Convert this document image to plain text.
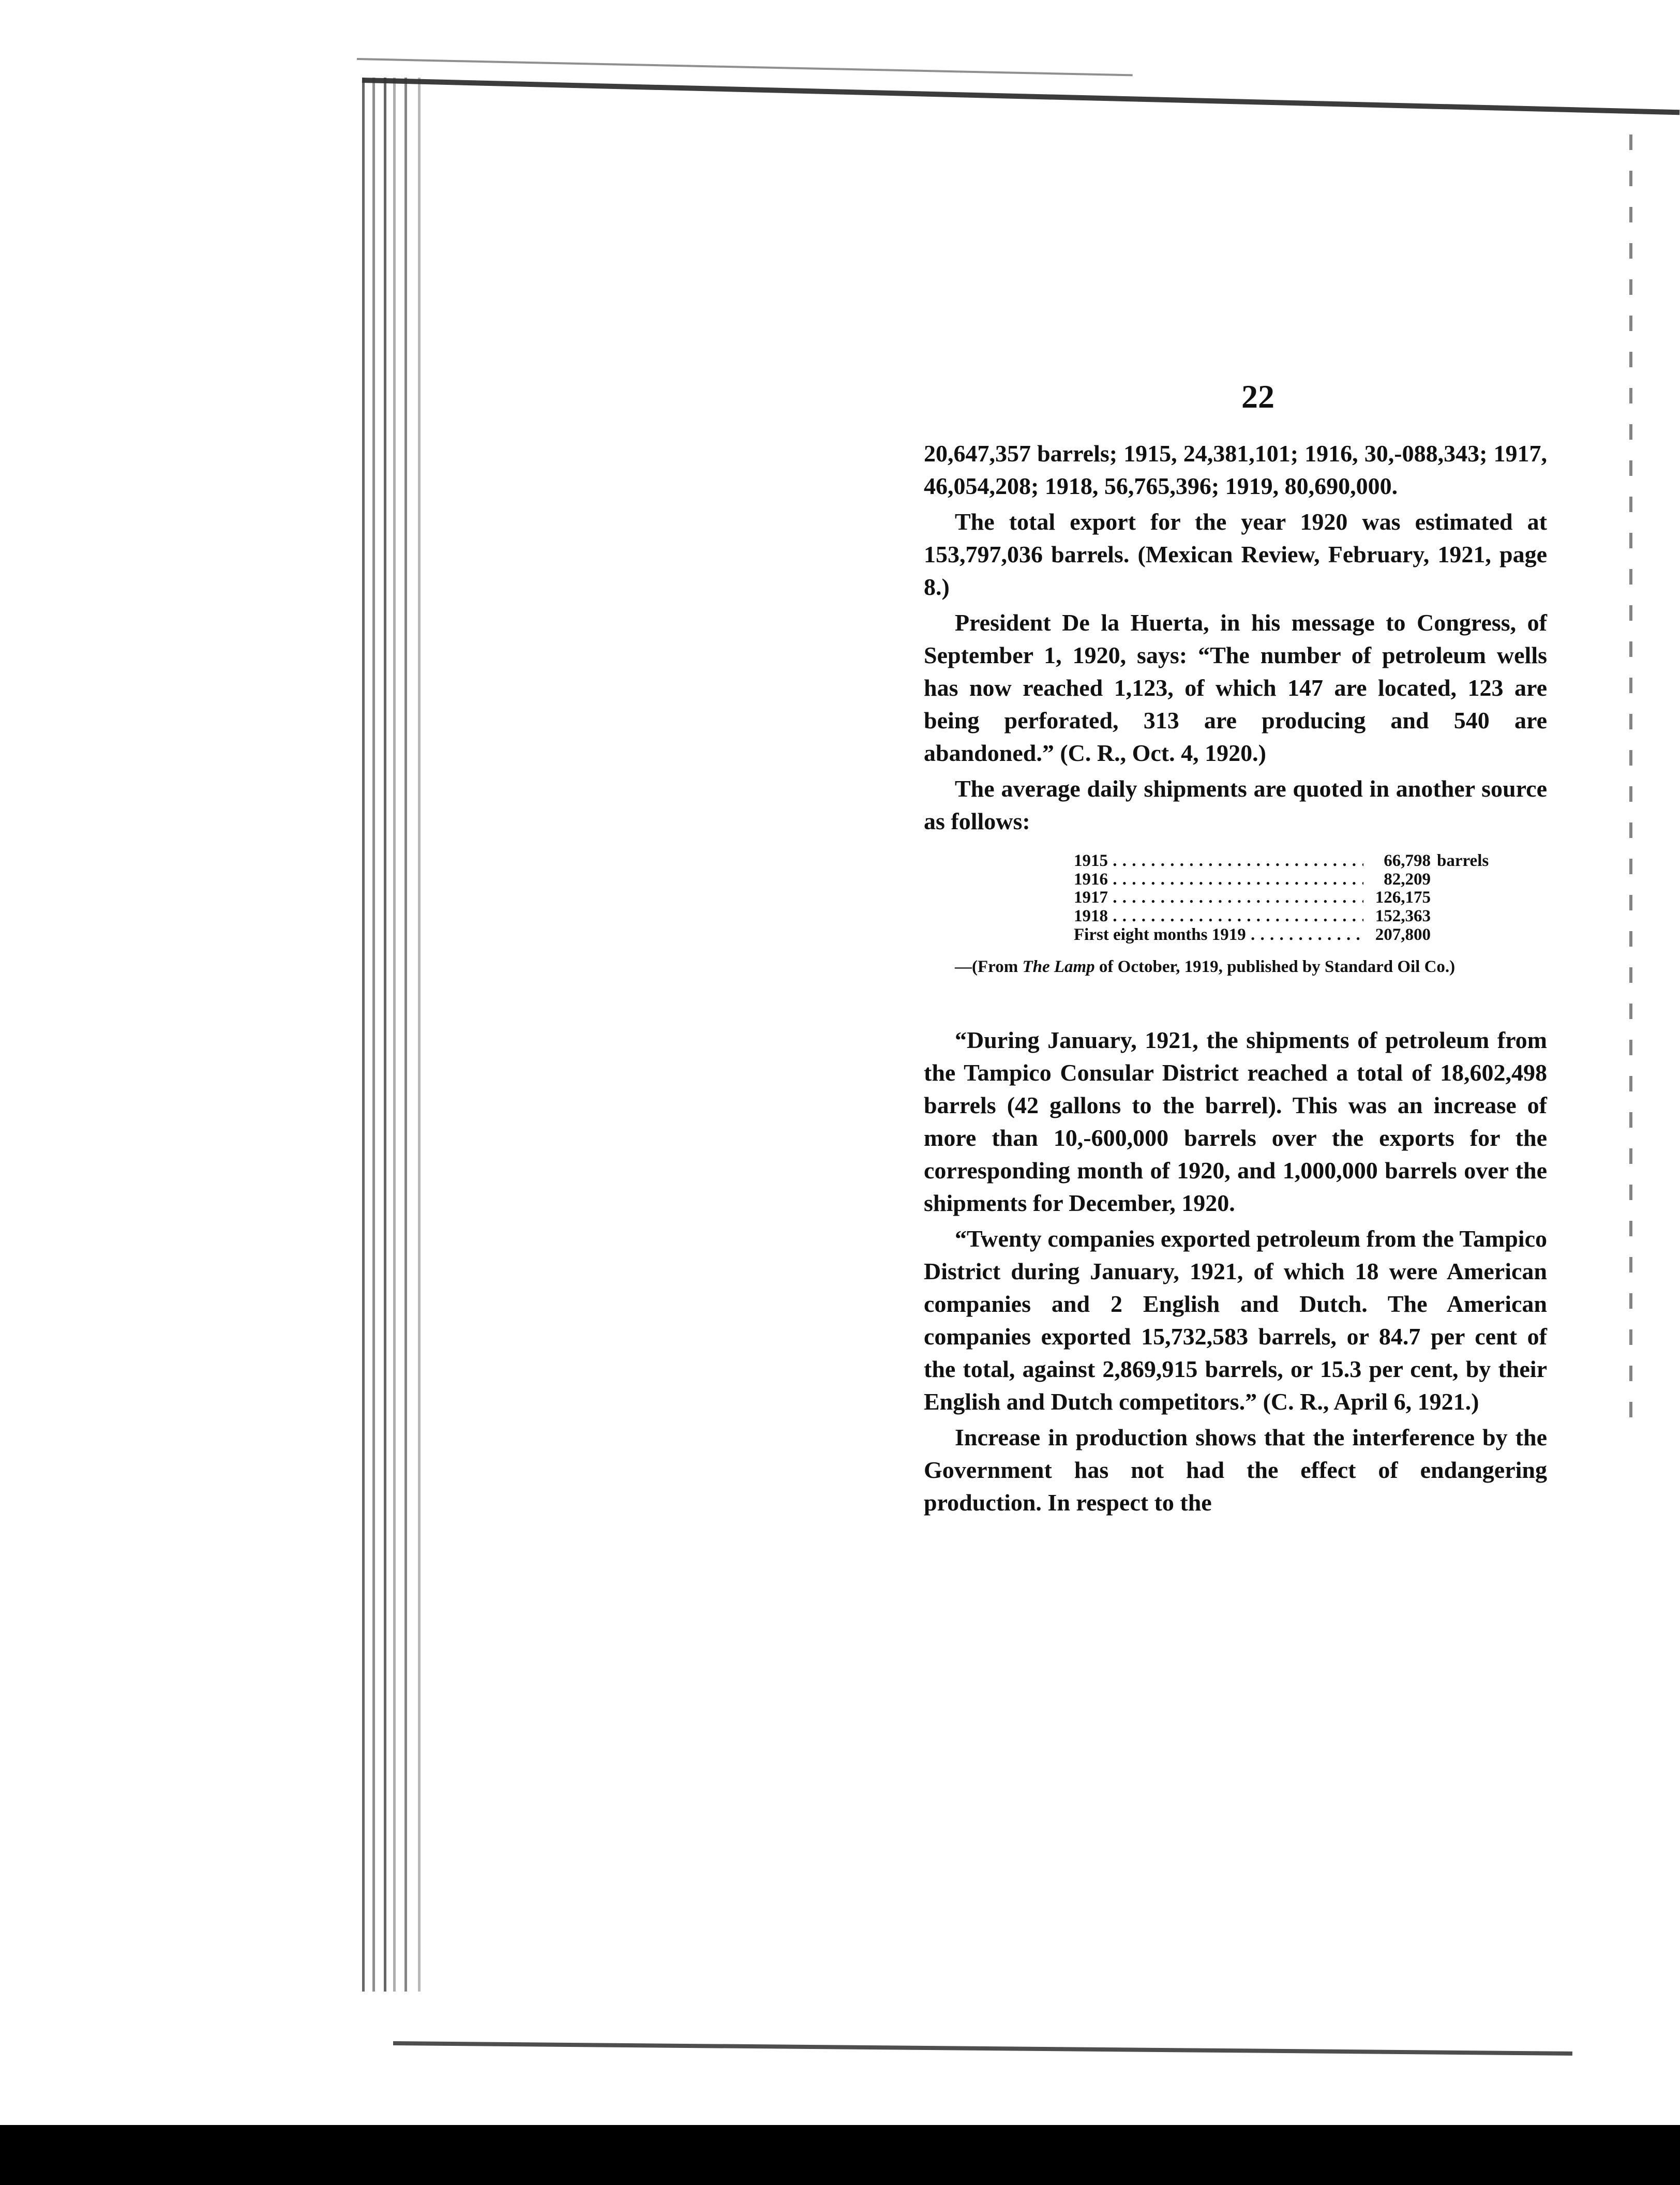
22

20,647,357 barrels; 1915, 24,381,101; 1916, 30,-088,343; 1917, 46,054,208; 1918, 56,765,396; 1919, 80,690,000.

The total export for the year 1920 was estimated at 153,797,036 barrels. (Mexican Review, February, 1921, page 8.)

President De la Huerta, in his message to Congress, of September 1, 1920, says: “The number of petroleum wells has now reached 1,123, of which 147 are located, 123 are being perforated, 313 are producing and 540 are abandoned.” (C. R., Oct. 4, 1920.)

The average daily shipments are quoted in another source as follows:

1915 . . .	66,798 barrels
1916 . . .	82,209
1917 . . .	126,175
1918 . . .	152,363
First eight months 1919 . . .	207,800

—(From The Lamp of October, 1919, published by Standard Oil Co.)

“During January, 1921, the shipments of petroleum from the Tampico Consular District reached a total of 18,602,498 barrels (42 gallons to the barrel). This was an increase of more than 10,-600,000 barrels over the exports for the corresponding month of 1920, and 1,000,000 barrels over the shipments for December, 1920.

“Twenty companies exported petroleum from the Tampico District during January, 1921, of which 18 were American companies and 2 English and Dutch. The American companies exported 15,732,583 barrels, or 84.7 per cent of the total, against 2,869,915 barrels, or 15.3 per cent, by their English and Dutch competitors.” (C. R., April 6, 1921.)

Increase in production shows that the interference by the Government has not had the effect of endangering production. In respect to the
